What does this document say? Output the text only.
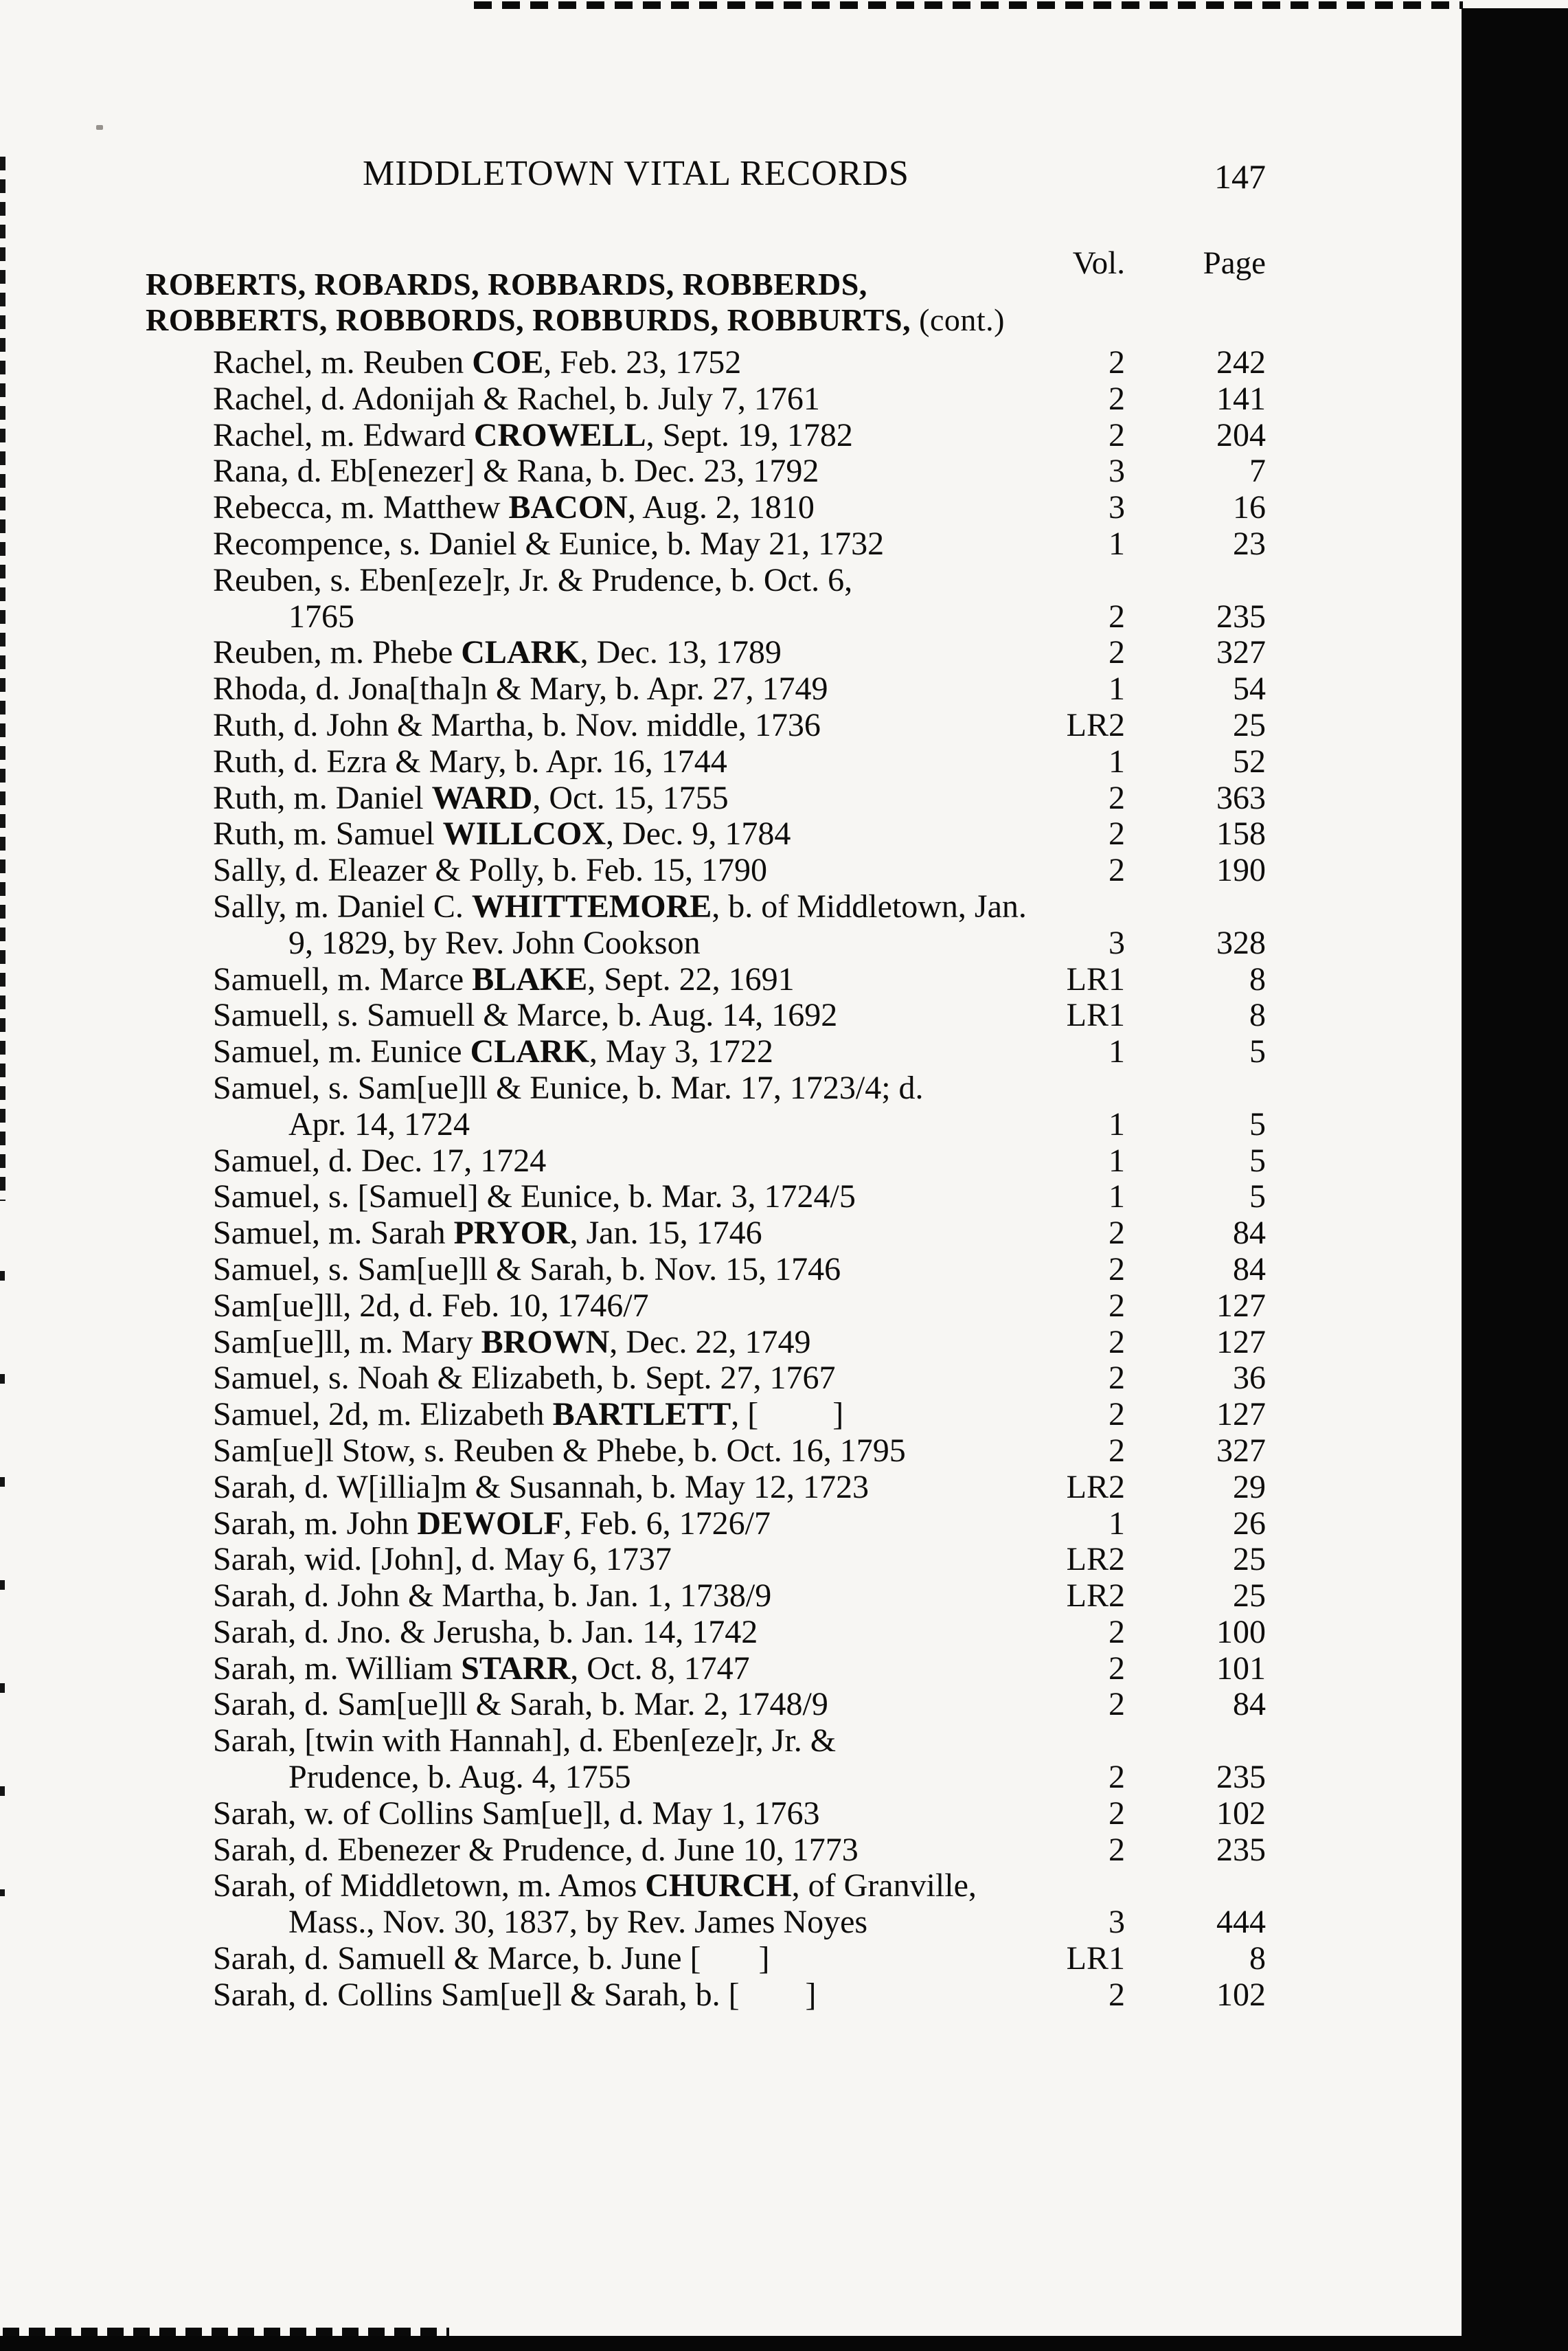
MIDDLETOWN VITAL RECORDS	147
Vol.	Page
ROBERTS, ROBARDS, ROBBARDS, ROBBERDS,
ROBBERTS, ROBBORDS, ROBBURDS, ROBBURTS, (cont.)
Rachel, m. Reuben COE, Feb. 23, 1752	2	242
Rachel, d. Adonijah & Rachel, b. July 7, 1761	2	141
Rachel, m. Edward CROWELL, Sept. 19, 1782	2	204
Rana, d. Eb[enezer] & Rana, b. Dec. 23, 1792	3	7
Rebecca, m. Matthew BACON, Aug. 2, 1810	3	16
Recompence, s. Daniel & Eunice, b. May 21, 1732	1	23
Reuben, s. Eben[eze]r, Jr. & Prudence, b. Oct. 6,
1765	2	235
Reuben, m. Phebe CLARK, Dec. 13, 1789	2	327
Rhoda, d. Jona[tha]n & Mary, b. Apr. 27, 1749	1	54
Ruth, d. John & Martha, b. Nov. middle, 1736	LR2	25
Ruth, d. Ezra & Mary, b. Apr. 16, 1744	1	52
Ruth, m. Daniel WARD, Oct. 15, 1755	2	363
Ruth, m. Samuel WILLCOX, Dec. 9, 1784	2	158
Sally, d. Eleazer & Polly, b. Feb. 15, 1790	2	190
Sally, m. Daniel C. WHITTEMORE, b. of Middletown, Jan.
9, 1829, by Rev. John Cookson	3	328
Samuell, m. Marce BLAKE, Sept. 22, 1691	LR1	8
Samuell, s. Samuell & Marce, b. Aug. 14, 1692	LR1	8
Samuel, m. Eunice CLARK, May 3, 1722	1	5
Samuel, s. Sam[ue]ll & Eunice, b. Mar. 17, 1723/4; d.
Apr. 14, 1724	1	5
Samuel, d. Dec. 17, 1724	1	5
Samuel, s. [Samuel] & Eunice, b. Mar. 3, 1724/5	1	5
Samuel, m. Sarah PRYOR, Jan. 15, 1746	2	84
Samuel, s. Sam[ue]ll & Sarah, b. Nov. 15, 1746	2	84
Sam[ue]ll, 2d, d. Feb. 10, 1746/7	2	127
Sam[ue]ll, m. Mary BROWN, Dec. 22, 1749	2	127
Samuel, s. Noah & Elizabeth, b. Sept. 27, 1767	2	36
Samuel, 2d, m. Elizabeth BARTLETT, [         ]	2	127
Sam[ue]l Stow, s. Reuben & Phebe, b. Oct. 16, 1795	2	327
Sarah, d. W[illia]m & Susannah, b. May 12, 1723	LR2	29
Sarah, m. John DEWOLF, Feb. 6, 1726/7	1	26
Sarah, wid. [John], d. May 6, 1737	LR2	25
Sarah, d. John & Martha, b. Jan. 1, 1738/9	LR2	25
Sarah, d. Jno. & Jerusha, b. Jan. 14, 1742	2	100
Sarah, m. William STARR, Oct. 8, 1747	2	101
Sarah, d. Sam[ue]ll & Sarah, b. Mar. 2, 1748/9	2	84
Sarah, [twin with Hannah], d. Eben[eze]r, Jr. &
Prudence, b. Aug. 4, 1755	2	235
Sarah, w. of Collins Sam[ue]l, d. May 1, 1763	2	102
Sarah, d. Ebenezer & Prudence, d. June 10, 1773	2	235
Sarah, of Middletown, m. Amos CHURCH, of Granville,
Mass., Nov. 30, 1837, by Rev. James Noyes	3	444
Sarah, d. Samuell & Marce, b. June [       ]	LR1	8
Sarah, d. Collins Sam[ue]l & Sarah, b. [        ]	2	102
